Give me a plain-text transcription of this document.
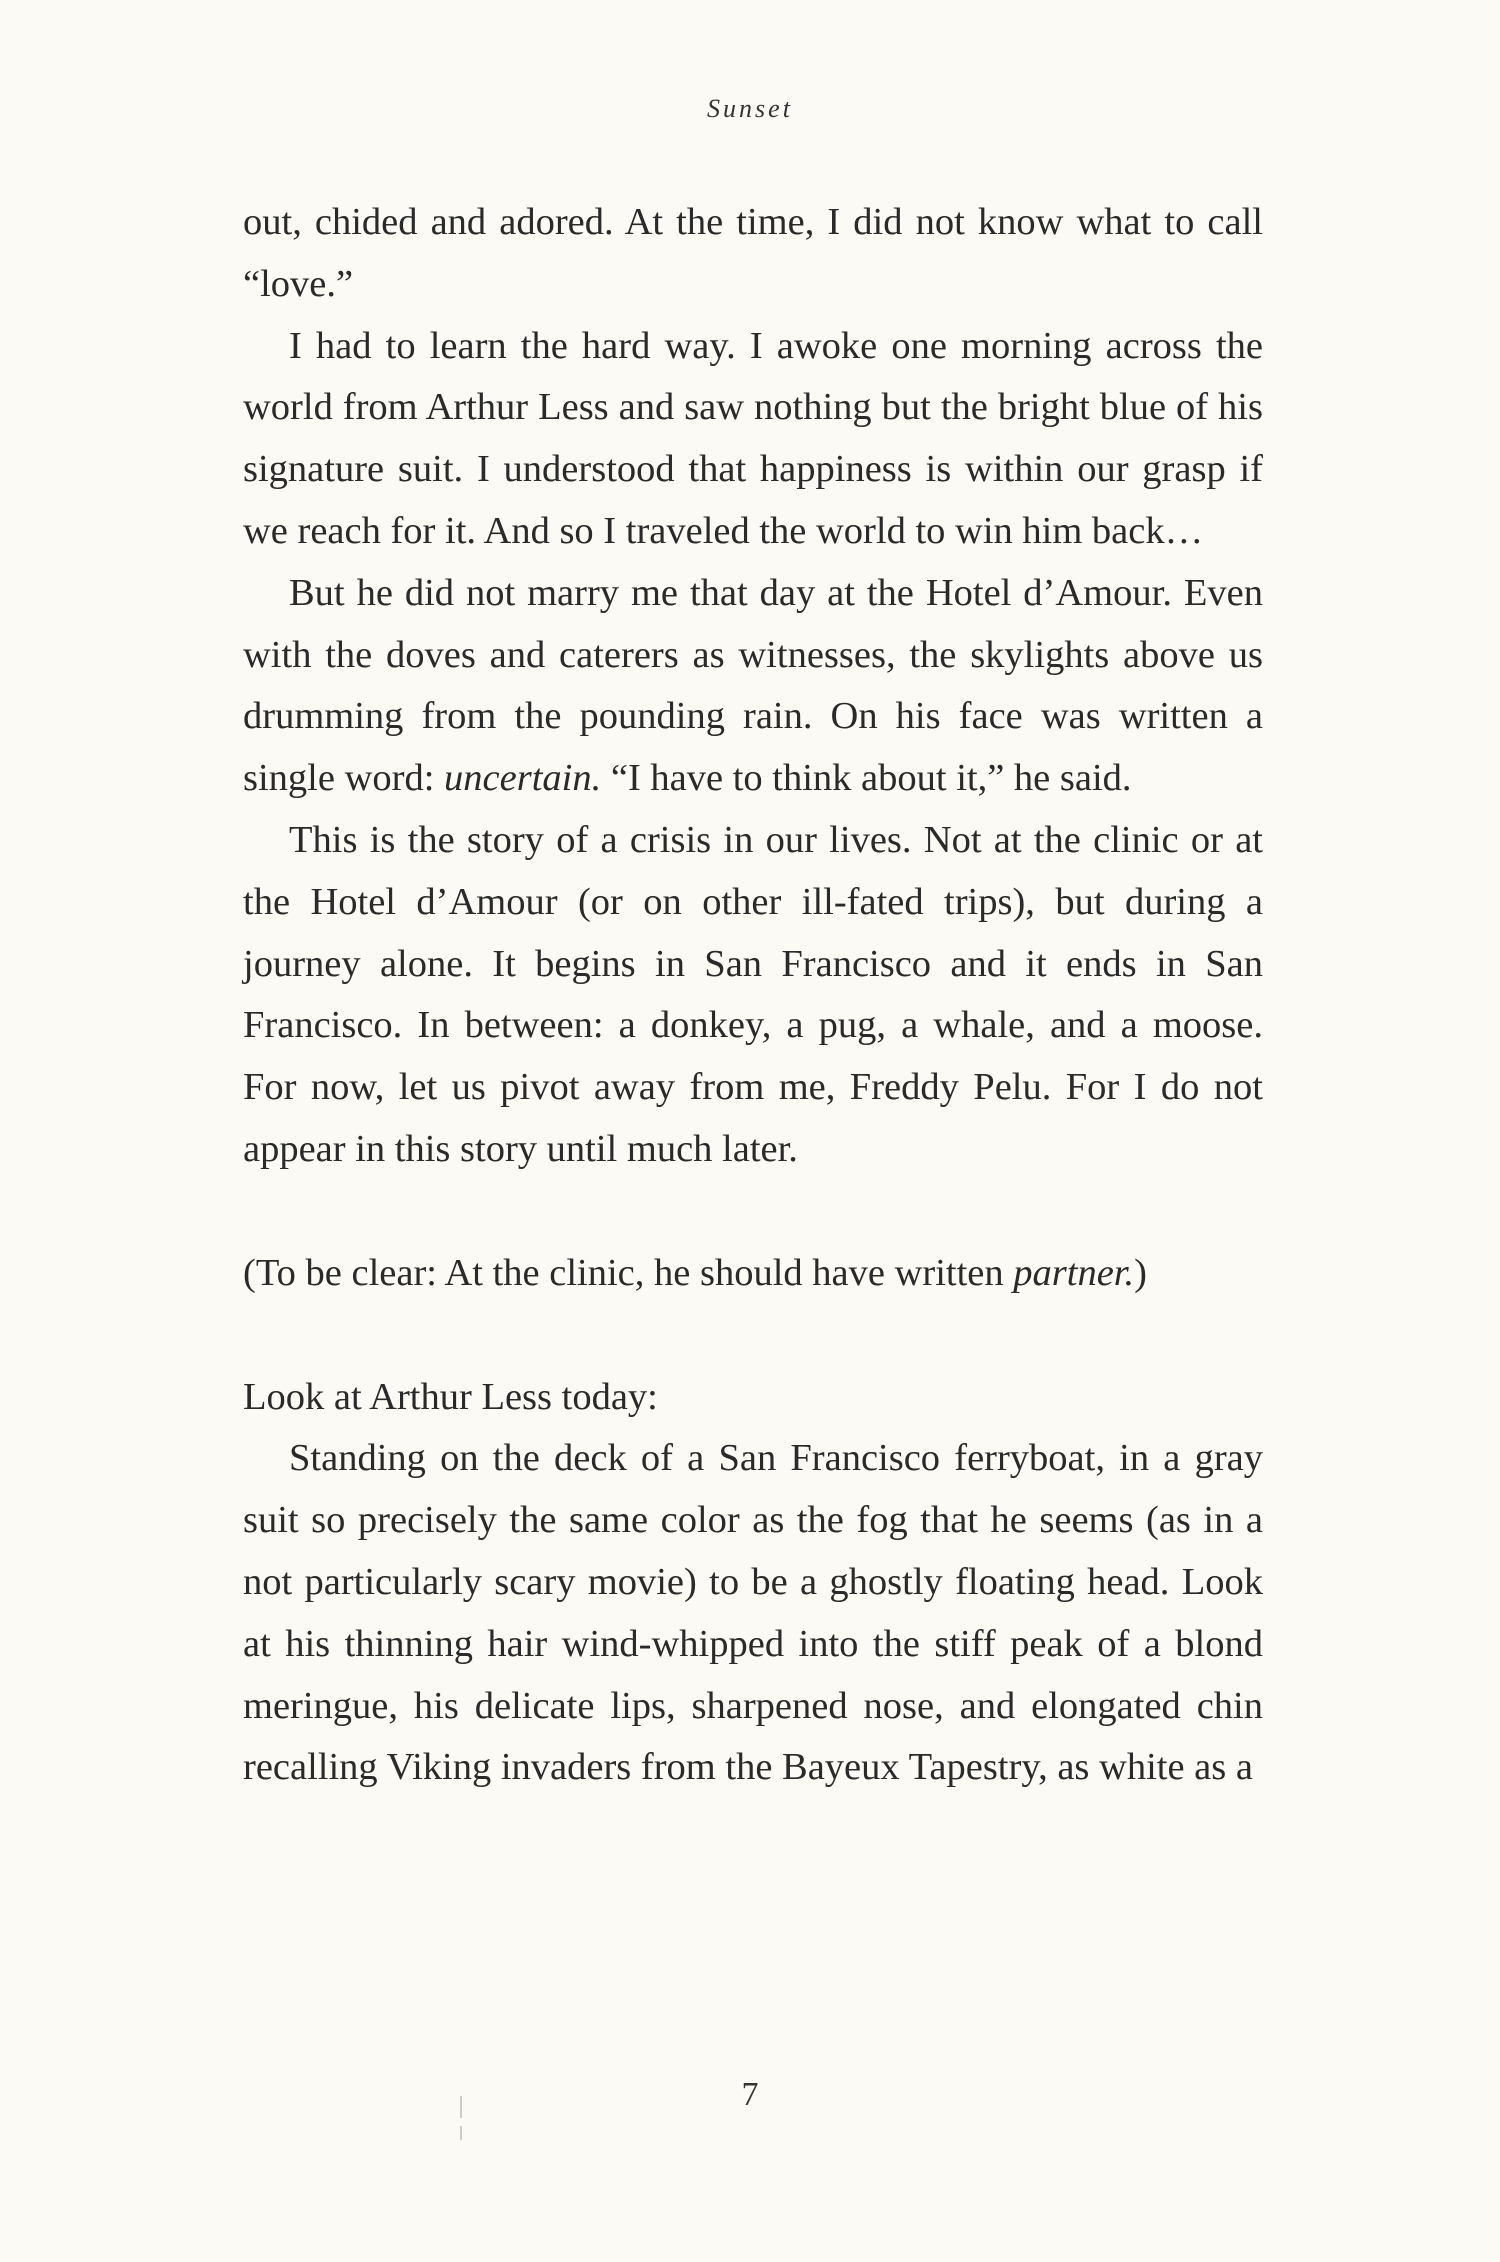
Sunset

out, chided and adored. At the time, I did not know what to call “love.”

I had to learn the hard way. I awoke one morning across the world from Arthur Less and saw nothing but the bright blue of his signature suit. I understood that happiness is within our grasp if we reach for it. And so I traveled the world to win him back…

But he did not marry me that day at the Hotel d’Amour. Even with the doves and caterers as witnesses, the skylights above us drumming from the pounding rain. On his face was written a single word: uncertain. “I have to think about it,” he said.

This is the story of a crisis in our lives. Not at the clinic or at the Hotel d’Amour (or on other ill-fated trips), but during a journey alone. It begins in San Francisco and it ends in San Francisco. In between: a donkey, a pug, a whale, and a moose. For now, let us pivot away from me, Freddy Pelu. For I do not appear in this story until much later.

(To be clear: At the clinic, he should have written partner.)

Look at Arthur Less today:

Standing on the deck of a San Francisco ferryboat, in a gray suit so precisely the same color as the fog that he seems (as in a not particularly scary movie) to be a ghostly floating head. Look at his thinning hair wind-whipped into the stiff peak of a blond meringue, his delicate lips, sharpened nose, and elongated chin recalling Viking invaders from the Bayeux Tapestry, as white as a

7
